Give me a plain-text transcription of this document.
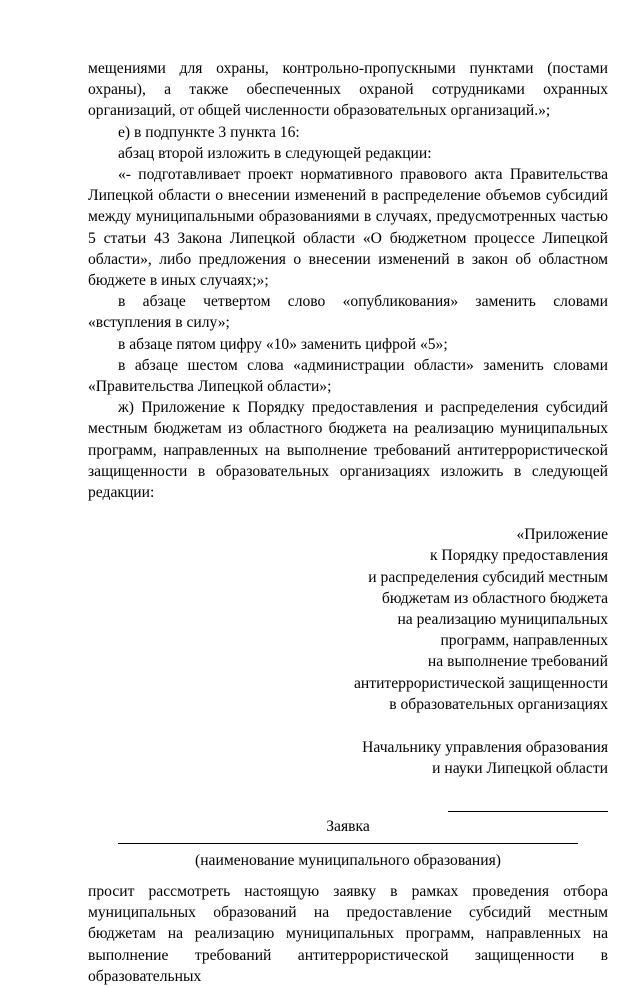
мещениями для охраны, контрольно-пропускными пунктами (постами охраны), а также обеспеченных охраной сотрудниками охранных организаций, от общей численности образовательных организаций.»;

е) в подпункте 3 пункта 16:

абзац второй изложить в следующей редакции:

«- подготавливает проект нормативного правового акта Правительства Липецкой области о внесении изменений в распределение объемов субсидий между муниципальными образованиями в случаях, предусмотренных частью 5 статьи 43 Закона Липецкой области «О бюджетном процессе Липецкой области», либо предложения о внесении изменений в закон об областном бюджете в иных случаях;»;

в абзаце четвертом слово «опубликования» заменить словами «вступления в силу»;

в абзаце пятом цифру «10» заменить цифрой «5»;

в абзаце шестом слова «администрации области» заменить словами «Правительства Липецкой области»;

ж) Приложение к Порядку предоставления и распределения субсидий местным бюджетам из областного бюджета на реализацию муниципальных программ, направленных на выполнение требований антитеррористической защищенности в образовательных организациях изложить в следующей редакции:

«Приложение
к Порядку предоставления
и распределения субсидий местным
бюджетам из областного бюджета
на реализацию муниципальных
программ, направленных
на выполнение требований
антитеррористической защищенности
в образовательных организациях
Начальнику управления образования
и науки Липецкой области
Заявка
(наименование муниципального образования)

просит рассмотреть настоящую заявку в рамках проведения отбора муниципальных образований на предоставление субсидий местным бюджетам на реализацию муниципальных программ, направленных на выполнение требований антитеррористической защищенности в образовательных
